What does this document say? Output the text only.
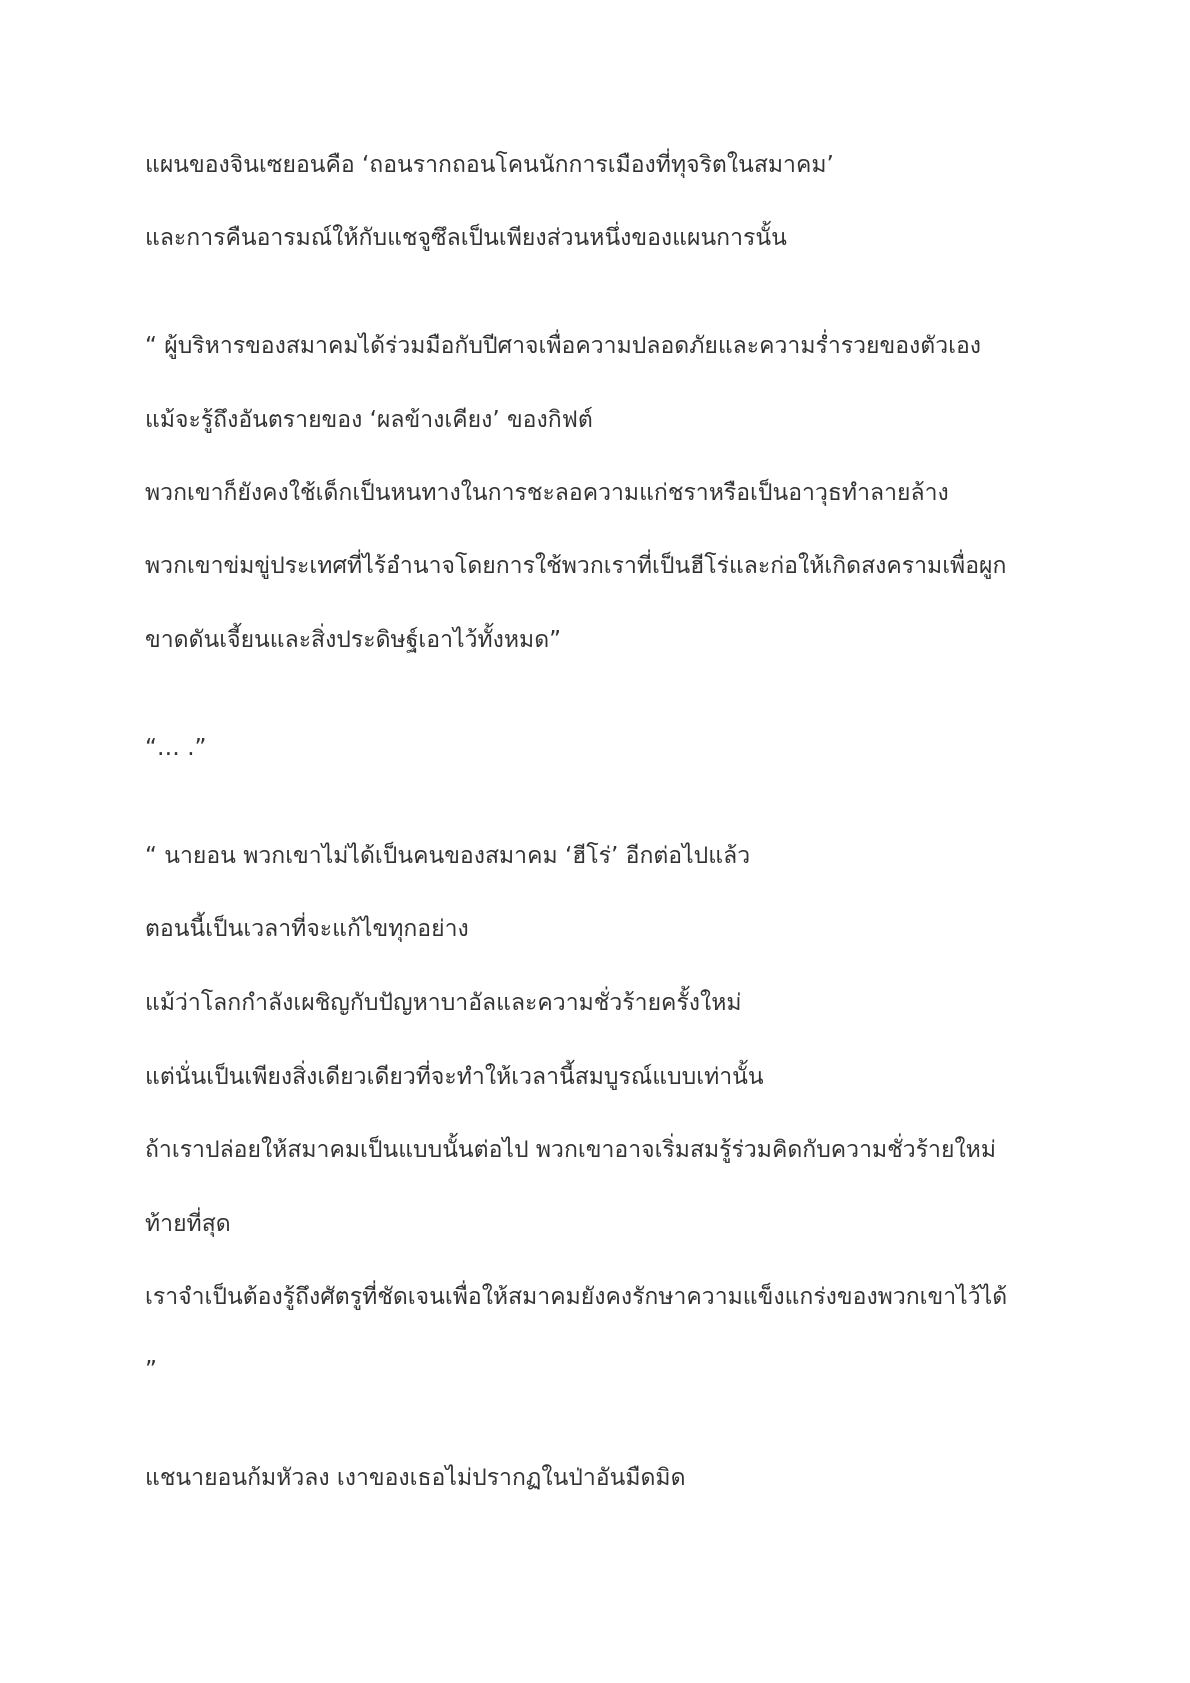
แผนของจินเซยอนคือ ‘ถอนรากถอนโคนนักการเมืองที่ทุจริตในสมาคม’
และการคืนอารมณ์ให้กับแชจูซึลเป็นเพียงส่วนหนึ่งของแผนการนั้น
“ ผู้บริหารของสมาคมได้ร่วมมือกับปีศาจเพื่อความปลอดภัยและความร่ำรวยของตัวเอง
แม้จะรู้ถึงอันตรายของ ‘ผลข้างเคียง’ ของกิฟต์
พวกเขาก็ยังคงใช้เด็กเป็นหนทางในการชะลอความแก่ชราหรือเป็นอาวุธทำลายล้าง
พวกเขาข่มขู่ประเทศที่ไร้อำนาจโดยการใช้พวกเราที่เป็นฮีโร่และก่อให้เกิดสงครามเพื่อผูก
ขาดดันเจี้ยนและสิ่งประดิษฐ์เอาไว้ทั้งหมด”
“… .”
“ นายอน พวกเขาไม่ได้เป็นคนของสมาคม ‘ฮีโร่’ อีกต่อไปแล้ว
ตอนนี้เป็นเวลาที่จะแก้ไขทุกอย่าง
แม้ว่าโลกกำลังเผชิญกับปัญหาบาอัลและความชั่วร้ายครั้งใหม่
แต่นั่นเป็นเพียงสิ่งเดียวเดียวที่จะทำให้เวลานี้สมบูรณ์แบบเท่านั้น
ถ้าเราปล่อยให้สมาคมเป็นแบบนั้นต่อไป พวกเขาอาจเริ่มสมรู้ร่วมคิดกับความชั่วร้ายใหม่
ท้ายที่สุด
เราจำเป็นต้องรู้ถึงศัตรูที่ชัดเจนเพื่อให้สมาคมยังคงรักษาความแข็งแกร่งของพวกเขาไว้ได้
”
แชนายอนก้มหัวลง เงาของเธอไม่ปรากฏในป่าอันมืดมิด
